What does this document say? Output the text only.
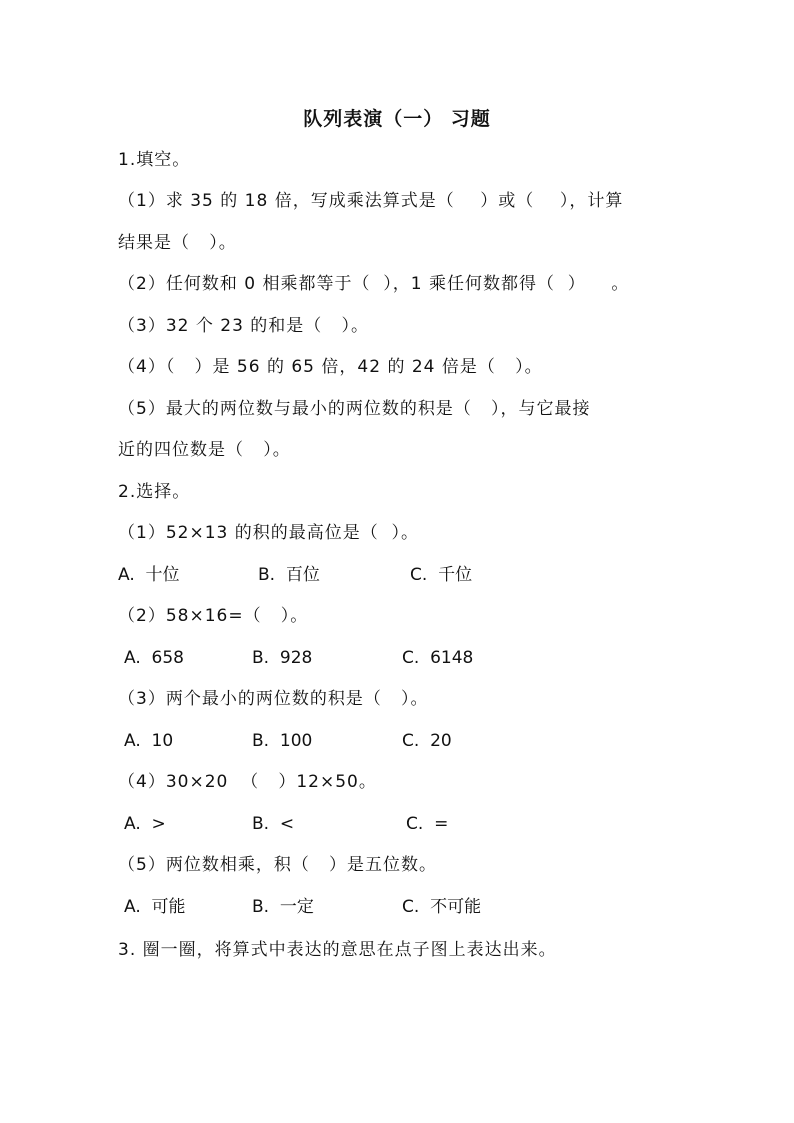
队列表演（一） 习题
1.填空。
（1）求 35 的 18 倍，写成乘法算式是（    ）或（    ），计算
结果是（   ）。
（2）任何数和 0 相乘都等于（  ），1 乘任何数都得（  ）    。
（3）32 个 23 的和是（   ）。
（4）（   ）是 56 的 65 倍，42 的 24 倍是（   ）。
（5）最大的两位数与最小的两位数的积是（   ），与它最接
近的四位数是（   ）。
2.选择。
（1）52×13 的积的最高位是（  ）。
A.  十位	B.  百位	C.  千位
（2）58×16=（   ）。
A.  658	B.  928	C.  6148
（3）两个最小的两位数的积是（   ）。
A.  10	B.  100	C.  20
（4）30×20  （   ）12×50。
A.  >	B.  <	C.  =
（5）两位数相乘，积（   ）是五位数。
A.  可能	B.  一定	C.  不可能
3. 圈一圈，将算式中表达的意思在点子图上表达出来。
